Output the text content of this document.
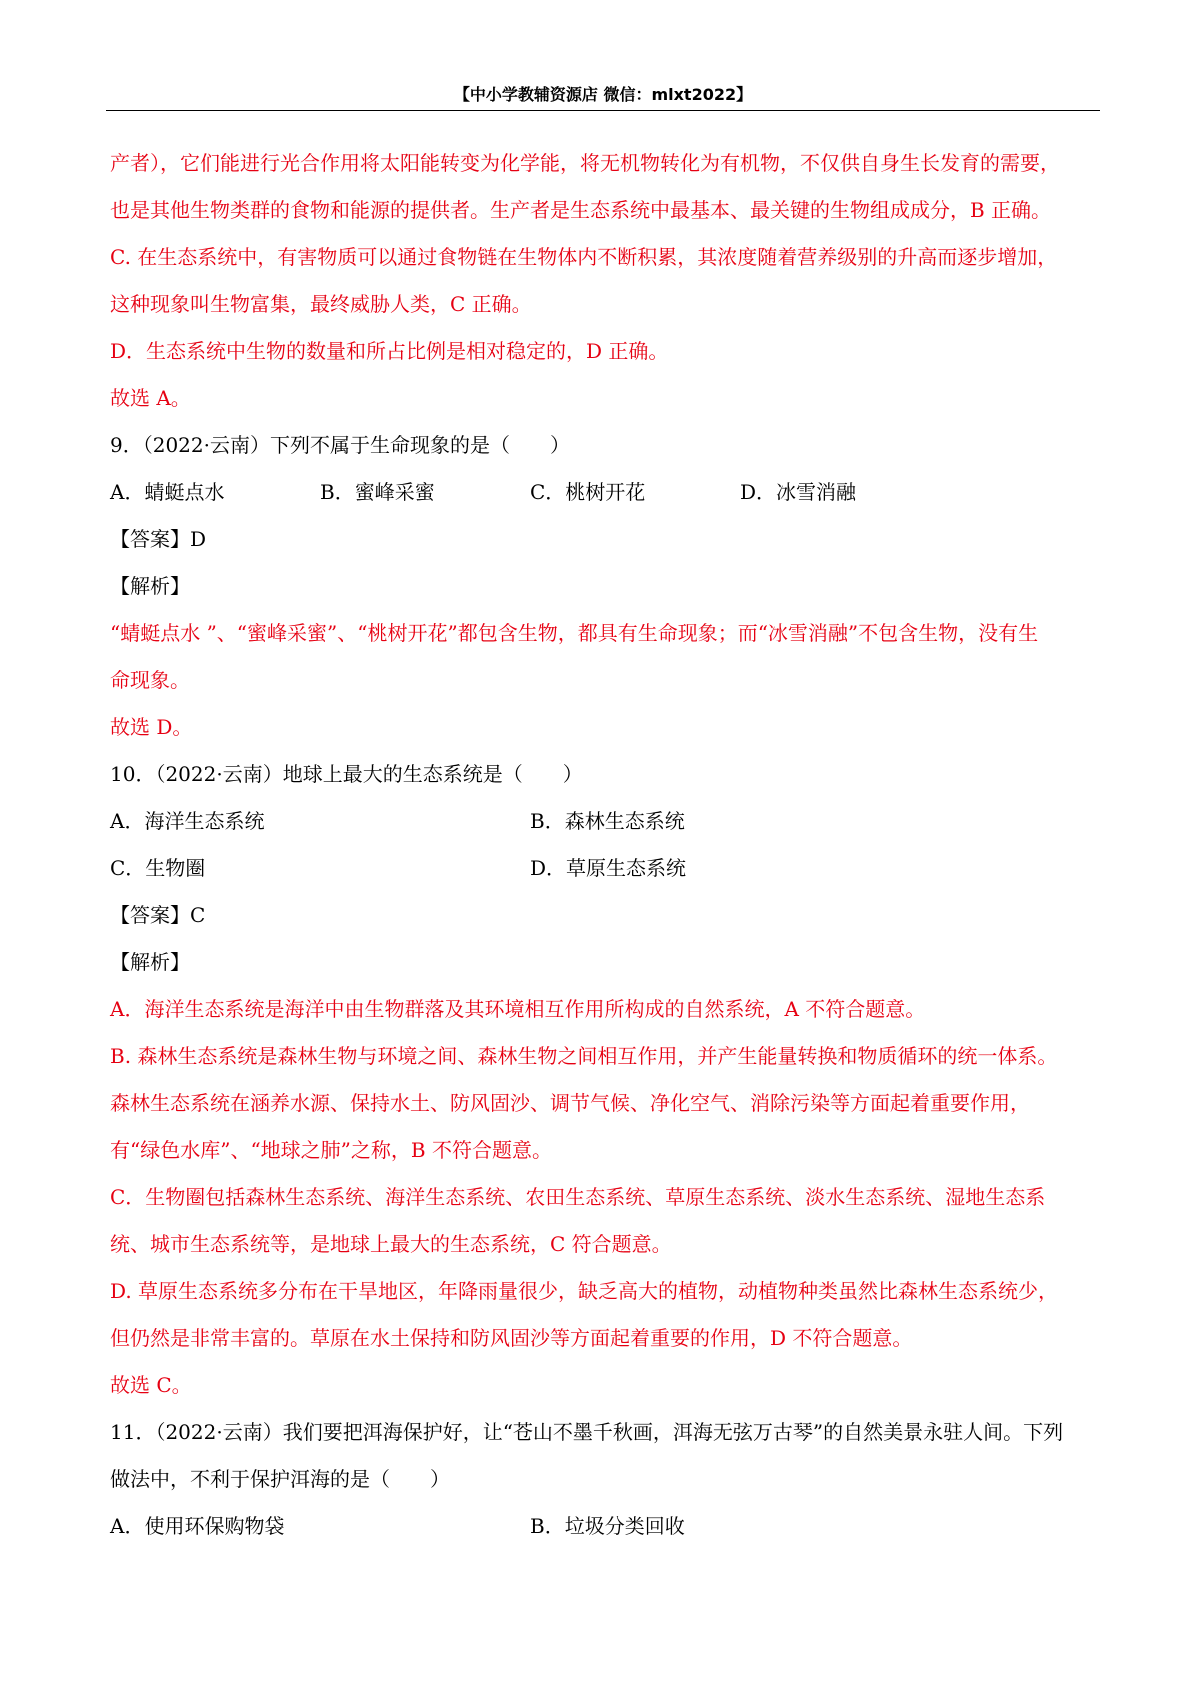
【中小学教辅资源店 微信：mlxt2022】
产者），它们能进行光合作用将太阳能转变为化学能，将无机物转化为有机物，不仅供自身生长发育的需要，
也是其他生物类群的食物和能源的提供者。生产者是生态系统中最基本、最关键的生物组成成分，B 正确。
C. 在生态系统中，有害物质可以通过食物链在生物体内不断积累，其浓度随着营养级别的升高而逐步增加，
这种现象叫生物富集，最终威胁人类，C 正确。
D．生态系统中生物的数量和所占比例是相对稳定的，D 正确。
故选 A。
9．（2022·云南）下列不属于生命现象的是（　　）
A．蜻蜓点水	B．蜜峰采蜜	C．桃树开花	D．冰雪消融
【答案】D
【解析】
“蜻蜓点水 ”、“蜜峰采蜜”、“桃树开花”都包含生物，都具有生命现象；而“冰雪消融”不包含生物，没有生
命现象。
故选 D。
10．（2022·云南）地球上最大的生态系统是（　　）
A．海洋生态系统	B．森林生态系统
C．生物圈	D．草原生态系统
【答案】C
【解析】
A．海洋生态系统是海洋中由生物群落及其环境相互作用所构成的自然系统，A 不符合题意。
B. 森林生态系统是森林生物与环境之间、森林生物之间相互作用，并产生能量转换和物质循环的统一体系。
森林生态系统在涵养水源、保持水土、防风固沙、调节气候、净化空气、消除污染等方面起着重要作用，
有“绿色水库”、“地球之肺”之称，B 不符合题意。
C．生物圈包括森林生态系统、海洋生态系统、农田生态系统、草原生态系统、淡水生态系统、湿地生态系
统、城市生态系统等，是地球上最大的生态系统，C 符合题意。
D. 草原生态系统多分布在干旱地区，年降雨量很少，缺乏高大的植物，动植物种类虽然比森林生态系统少，
但仍然是非常丰富的。草原在水土保持和防风固沙等方面起着重要的作用，D 不符合题意。
故选 C。
11．（2022·云南）我们要把洱海保护好，让“苍山不墨千秋画，洱海无弦万古琴”的自然美景永驻人间。下列
做法中，不利于保护洱海的是（　　）
A．使用环保购物袋	B．垃圾分类回收
